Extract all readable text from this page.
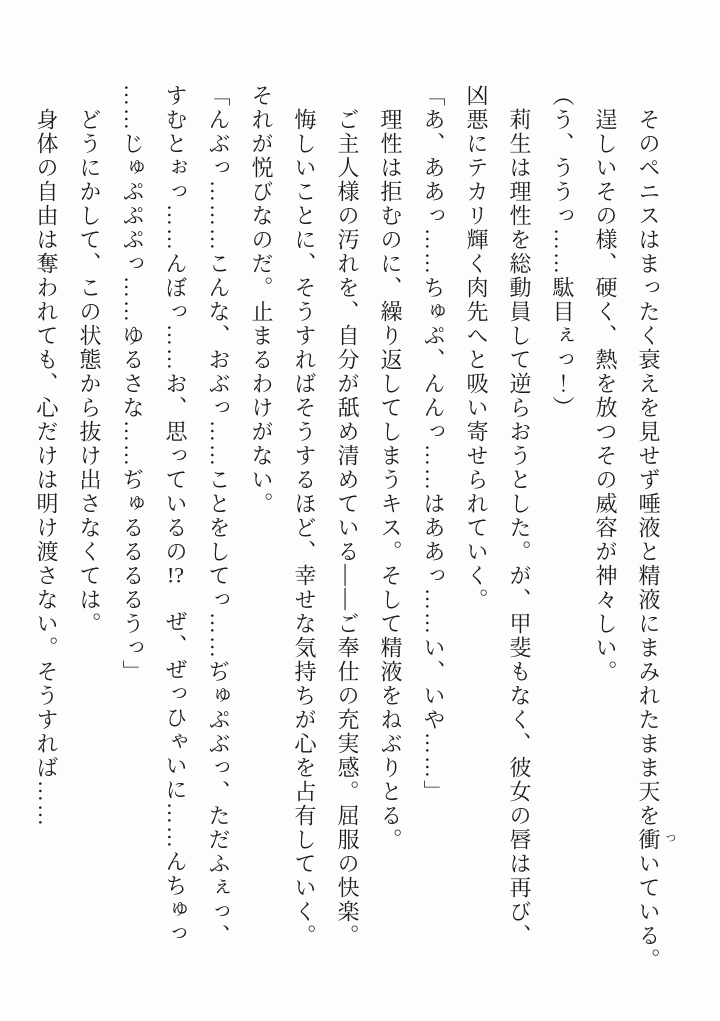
　そのペニスはまったく衰えを見せず唾液と精液にまみれたまま天を衝 つ
いている。
　逞しいその様、硬く、熱を放つその威容が神々しい。
（う、ううっ……駄目ぇっ！）
　莉生は理性を総動員して逆らおうとした。が、甲斐もなく、彼女の唇は再び、
凶悪にテカリ輝く肉先へと吸い寄せられていく。
「あ、ああっ……ちゅぷ、んんっ……はああっ……い、いや……」
　理性は拒むのに、繰り返してしまうキス。そして精液をねぶりとる。
　ご主人様の汚れを、自分が舐め清めている――ご奉仕の充実感。屈服の快楽。
　悔しいことに、そうすればそうするほど、幸せな気持ちが心を占有していく。
それが悦びなのだ。止まるわけがない。
「んぶっ………こんな、おぶっ……ことをしてっ……ぢゅぷぶっ、ただふぇっ、
すむとぉっ……んぼっ……お、思っているの!?　ぜ、ぜっひゃいに……んちゅっ
……じゅぷぷぷっ……ゆるさな……ぢゅるるるるうっ」
　どうにかして、この状態から抜け出さなくては。
　身体の自由は奪われても、心だけは明け渡さない。そうすれば……
